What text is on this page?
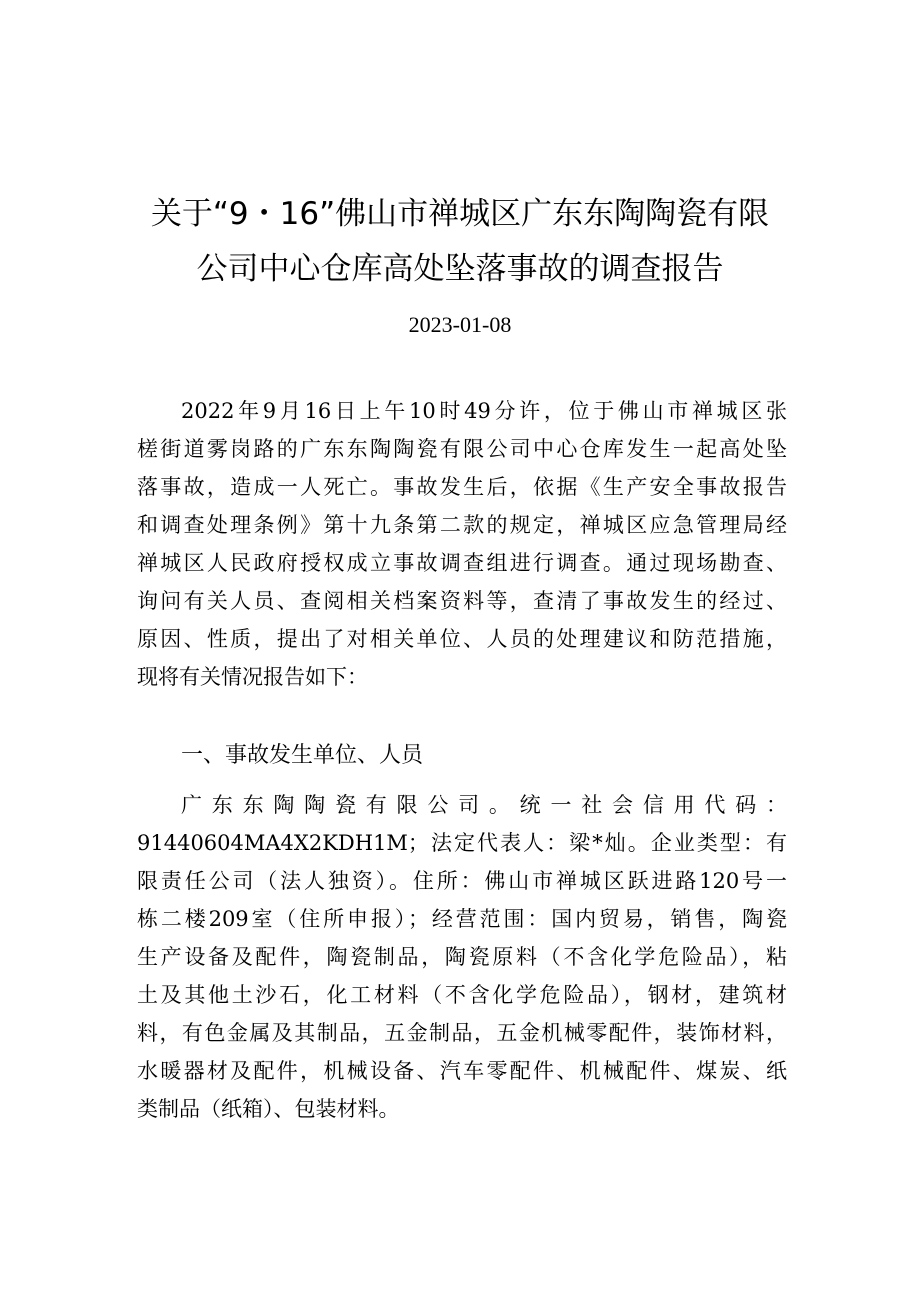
关于“9・16”佛山市禅城区广东东陶陶瓷有限
公司中心仓库高处坠落事故的调查报告
2023-01-08
2022年9月16日上午10时49分许，位于佛山市禅城区张
槎街道雾岗路的广东东陶陶瓷有限公司中心仓库发生一起高处坠
落事故，造成一人死亡。事故发生后，依据《生产安全事故报告
和调查处理条例》第十九条第二款的规定，禅城区应急管理局经
禅城区人民政府授权成立事故调查组进行调查。通过现场勘查、
询问有关人员、查阅相关档案资料等，查清了事故发生的经过、
原因、性质，提出了对相关单位、人员的处理建议和防范措施，
现将有关情况报告如下：
一、事故发生单位、人员
广东东陶陶瓷有限公司。统一社会信用代码：
91440604MA4X2KDH1M；法定代表人：梁*灿。企业类型：有
限责任公司（法人独资）。住所：佛山市禅城区跃进路120号一
栋二楼209室（住所申报）；经营范围：国内贸易，销售，陶瓷
生产设备及配件，陶瓷制品，陶瓷原料（不含化学危险品），粘
土及其他土沙石，化工材料（不含化学危险品），钢材，建筑材
料，有色金属及其制品，五金制品，五金机械零配件，装饰材料，
水暖器材及配件，机械设备、汽车零配件、机械配件、煤炭、纸
类制品（纸箱）、包装材料。
